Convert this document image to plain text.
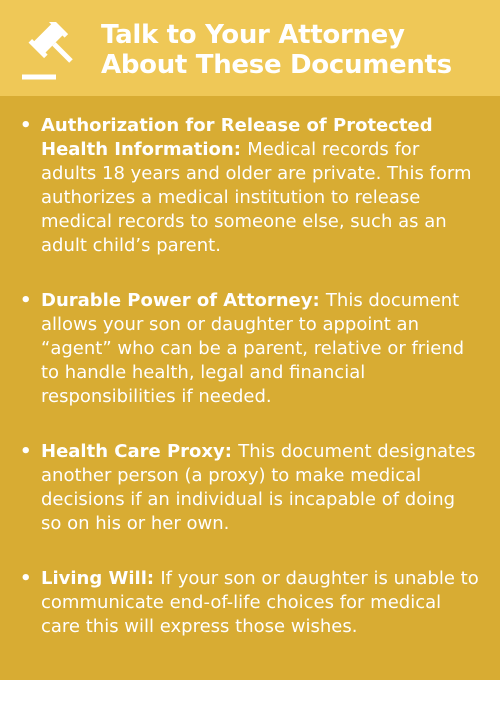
Talk to Your Attorney
About These Documents
• Authorization for Release of Protected Health Information: Medical records for adults 18 years and older are private. This form authorizes a medical institution to release medical records to someone else, such as an adult child’s parent.
• Durable Power of Attorney: This document allows your son or daughter to appoint an “agent” who can be a parent, relative or friend to handle health, legal and financial responsibilities if needed.
• Health Care Proxy: This document designates another person (a proxy) to make medical decisions if an individual is incapable of doing so on his or her own.
• Living Will: If your son or daughter is unable to communicate end-of-life choices for medical care this will express those wishes.
